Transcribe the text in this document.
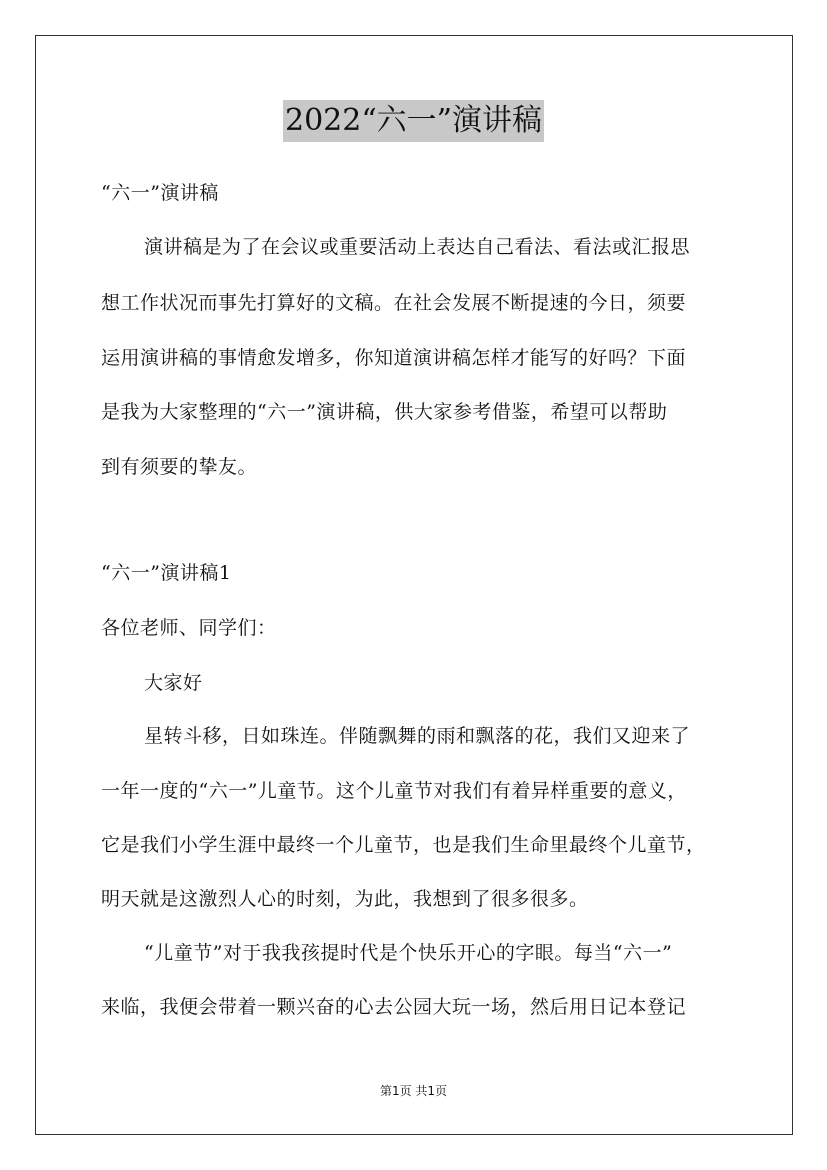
2022“六一”演讲稿
“六一”演讲稿
演讲稿是为了在会议或重要活动上表达自己看法、看法或汇报思
想工作状况而事先打算好的文稿。在社会发展不断提速的今日，须要
运用演讲稿的事情愈发增多，你知道演讲稿怎样才能写的好吗？下面
是我为大家整理的“六一”演讲稿，供大家参考借鉴，希望可以帮助
到有须要的挚友。
“六一”演讲稿1
各位老师、同学们：
大家好
星转斗移，日如珠连。伴随飘舞的雨和飘落的花，我们又迎来了
一年一度的“六一”儿童节。这个儿童节对我们有着异样重要的意义，
它是我们小学生涯中最终一个儿童节，也是我们生命里最终个儿童节，
明天就是这激烈人心的时刻，为此，我想到了很多很多。
“儿童节”对于我我孩提时代是个快乐开心的字眼。每当“六一”
来临，我便会带着一颗兴奋的心去公园大玩一场，然后用日记本登记
第1页 共1页
